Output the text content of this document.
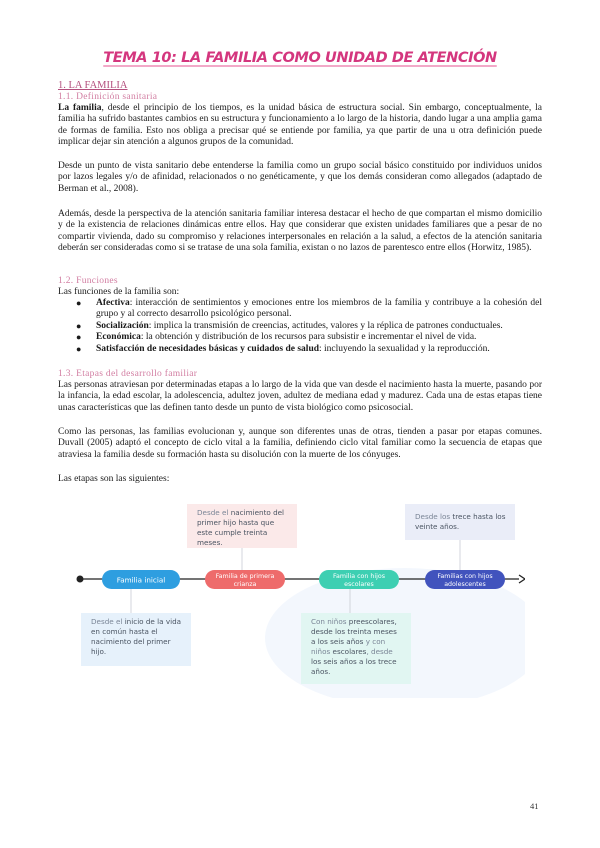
TEMA 10: LA FAMILIA COMO UNIDAD DE ATENCIÓN
1. LA FAMILIA
1.1. Definición sanitaria

La familia, desde el principio de los tiempos, es la unidad básica de estructura social. Sin embargo, conceptualmente, la familia ha sufrido bastantes cambios en su estructura y funcionamiento a lo largo de la historia, dando lugar a una amplia gama de formas de familia. Esto nos obliga a precisar qué se entiende por familia, ya que partir de una u otra definición puede implicar dejar sin atención a algunos grupos de la comunidad.

Desde un punto de vista sanitario debe entenderse la familia como un grupo social básico constituido por individuos unidos por lazos legales y/o de afinidad, relacionados o no genéticamente, y que los demás consideran como allegados (adaptado de Berman et al., 2008).

Además, desde la perspectiva de la atención sanitaria familiar interesa destacar el hecho de que compartan el mismo domicilio y de la existencia de relaciones dinámicas entre ellos. Hay que considerar que existen unidades familiares que a pesar de no compartir vivienda, dado su compromiso y relaciones interpersonales en relación a la salud, a efectos de la atención sanitaria deberán ser consideradas como si se tratase de una sola familia, existan o no lazos de parentesco entre ellos (Horwitz, 1985).

1.2. Funciones

Las funciones de la familia son:

● Afectiva: interacción de sentimientos y emociones entre los miembros de la familia y contribuye a la cohesión del grupo y al correcto desarrollo psicológico personal.
● Socialización: implica la transmisión de creencias, actitudes, valores y la réplica de patrones conductuales.
● Económica: la obtención y distribución de los recursos para subsistir e incrementar el nivel de vida.
● Satisfacción de necesidades básicas y cuidados de salud: incluyendo la sexualidad y la reproducción.
1.3. Etapas del desarrollo familiar

Las personas atraviesan por determinadas etapas a lo largo de la vida que van desde el nacimiento hasta la muerte, pasando por la infancia, la edad escolar, la adolescencia, adultez joven, adultez de mediana edad y madurez. Cada una de estas etapas tiene unas características que las definen tanto desde un punto de vista biológico como psicosocial.

Como las personas, las familias evolucionan y, aunque son diferentes unas de otras, tienden a pasar por etapas comunes. Duvall (2005) adaptó el concepto de ciclo vital a la familia, definiendo ciclo vital familiar como la secuencia de etapas que atraviesa la familia desde su formación hasta su disolución con la muerte de los cónyuges.

Las etapas son las siguientes:

Desde el nacimiento del
primer hijo hasta que
este cumple treinta
meses.
Desde los trece hasta los
veinte años.
Familia inicial	Familia de primera
crianza
Familia con hijos
escolares
Familias con hijos
adolescentes
Desde el inicio de la vida
en común hasta el
nacimiento del primer
hijo.
Con niños preescolares,
desde los treinta meses
a los seis años y con
niños escolares, desde
los seis años a los trece
años.
41
